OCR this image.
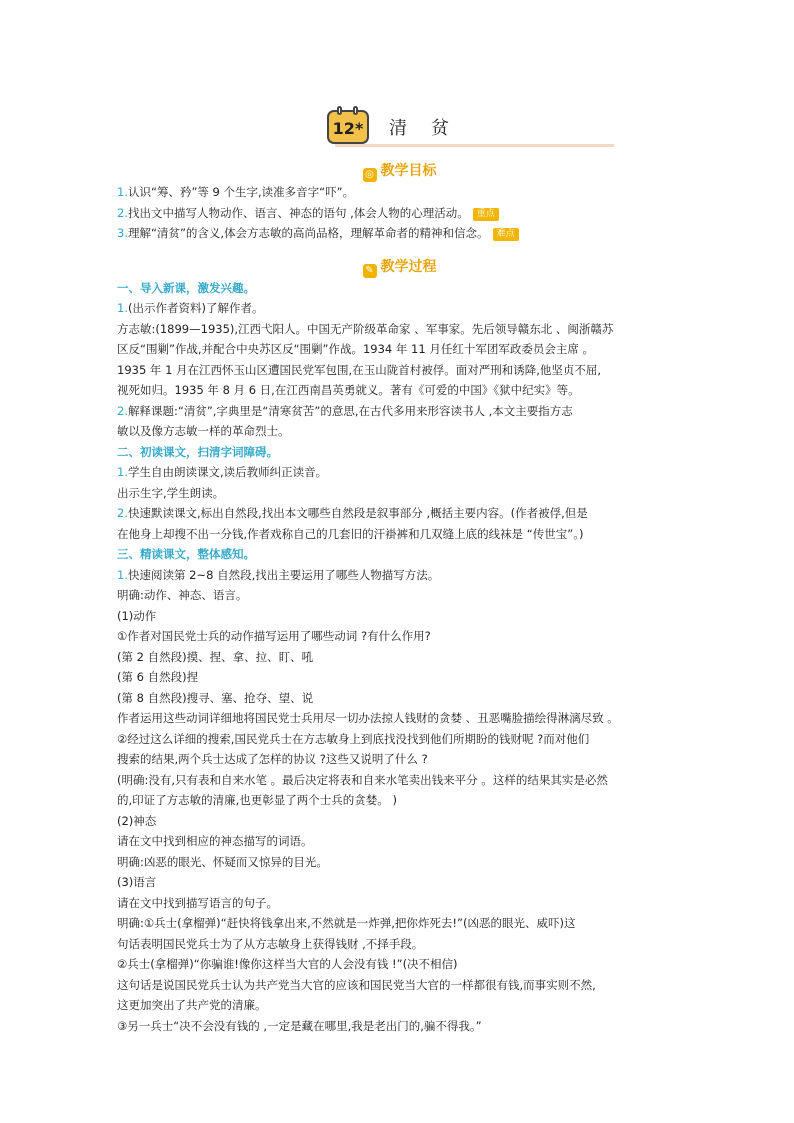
12* 清贫
◎ 教学目标

1.认识“筹、矜”等 9 个生字,读准多音字“吓”。

2.找出文中描写人物动作、语言、神态的语句 ,体会人物的心理活动。 重点

3.理解“清贫”的含义,体会方志敏的高尚品格，理解革命者的精神和信念。 难点

✎ 教学过程

一、导入新课，激发兴趣。

1.(出示作者资料)了解作者。

方志敏:(1899—1935),江西弋阳人。中国无产阶级革命家 、军事家。先后领导赣东北 、闽浙赣苏

区反“围剿”作战,并配合中央苏区反“围剿”作战。1934 年 11 月任红十军团军政委员会主席 。

1935 年 1 月在江西怀玉山区遭国民党军包围,在玉山陇首村被俘。面对严刑和诱降,他坚贞不屈,

视死如归。1935 年 8 月 6 日,在江西南昌英勇就义。著有《可爱的中国》《狱中纪实》等。

2.解释课题:“清贫”,字典里是“清寒贫苦”的意思,在古代多用来形容读书人 ,本文主要指方志

敏以及像方志敏一样的革命烈士。

二、初读课文，扫清字词障碍。

1.学生自由朗读课文,读后教师纠正读音。

出示生字,学生朗读。

2.快速默读课文,标出自然段,找出本文哪些自然段是叙事部分 ,概括主要内容。(作者被俘,但是

在他身上却搜不出一分钱,作者戏称自己的几套旧的汗褂裤和几双缝上底的线袜是 “传世宝”。)

三、精读课文，整体感知。

1.快速阅读第 2~8 自然段,找出主要运用了哪些人物描写方法。

明确:动作、神态、语言。

(1)动作

①作者对国民党士兵的动作描写运用了哪些动词 ?有什么作用?

(第 2 自然段)摸、捏、拿、拉、盯、吼

(第 6 自然段)捏

(第 8 自然段)搜寻、塞、抢夺、望、说

作者运用这些动词详细地将国民党士兵用尽一切办法掠人钱财的贪婪 、丑恶嘴脸描绘得淋漓尽致 。

②经过这么详细的搜索,国民党兵士在方志敏身上到底找没找到他们所期盼的钱财呢 ?而对他们

搜索的结果,两个兵士达成了怎样的协议 ?这些又说明了什么 ?

(明确:没有,只有表和自来水笔 。最后决定将表和自来水笔卖出钱来平分 。这样的结果其实是必然

的,印证了方志敏的清廉,也更彰显了两个士兵的贪婪。 )

(2)神态

请在文中找到相应的神态描写的词语。

明确:凶恶的眼光、怀疑而又惊异的目光。

(3)语言

请在文中找到描写语言的句子。

明确:①兵士(拿榴弹)“赶快将钱拿出来,不然就是一炸弹,把你炸死去!”(凶恶的眼光、威吓)这

句话表明国民党兵士为了从方志敏身上获得钱财 ,不择手段。

②兵士(拿榴弹)“你骗谁!像你这样当大官的人会没有钱 !”(决不相信)

这句话是说国民党兵士认为共产党当大官的应该和国民党当大官的一样都很有钱,而事实则不然,

这更加突出了共产党的清廉。

③另一兵士“决不会没有钱的 ,一定是藏在哪里,我是老出门的,骗不得我。”
